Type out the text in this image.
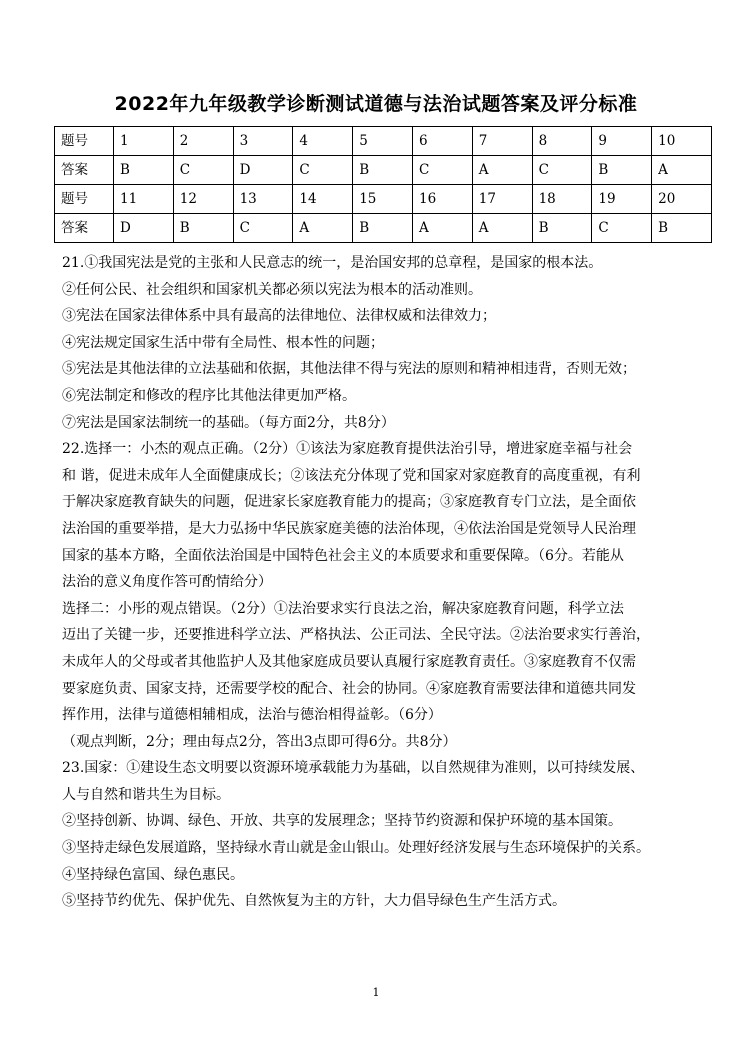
2022年九年级教学诊断测试道德与法治试题答案及评分标准
题号	1	2	3	4	5	6	7	8	9	10
答案	B	C	D	C	B	C	A	C	B	A
题号	11	12	13	14	15	16	17	18	19	20
答案	D	B	C	A	B	A	A	B	C	B

21.①我国宪法是党的主张和人民意志的统一，是治国安邦的总章程，是国家的根本法。

②任何公民、社会组织和国家机关都必须以宪法为根本的活动准则。

③宪法在国家法律体系中具有最高的法律地位、法律权威和法律效力；

④宪法规定国家生活中带有全局性、根本性的问题；

⑤宪法是其他法律的立法基础和依据，其他法律不得与宪法的原则和精神相违背，否则无效；

⑥宪法制定和修改的程序比其他法律更加严格。

⑦宪法是国家法制统一的基础。（每方面2分，共8分）

22.选择一：小杰的观点正确。（2分）①该法为家庭教育提供法治引导，增进家庭幸福与社会

和 谐，促进未成年人全面健康成长；②该法充分体现了党和国家对家庭教育的高度重视，有利

于解决家庭教育缺失的问题，促进家长家庭教育能力的提高；③家庭教育专门立法，是全面依

法治国的重要举措，是大力弘扬中华民族家庭美德的法治体现，④依法治国是党领导人民治理

国家的基本方略，全面依法治国是中国特色社会主义的本质要求和重要保障。（6分。若能从

法治的意义角度作答可酌情给分）

选择二：小彤的观点错误。（2分）①法治要求实行良法之治，解决家庭教育问题，科学立法

迈出了关键一步，还要推进科学立法、严格执法、公正司法、全民守法。②法治要求实行善治，

未成年人的父母或者其他监护人及其他家庭成员要认真履行家庭教育责任。③家庭教育不仅需

要家庭负责、国家支持，还需要学校的配合、社会的协同。④家庭教育需要法律和道德共同发

挥作用，法律与道德相辅相成，法治与德治相得益彰。（6分）

（观点判断，2分；理由每点2分，答出3点即可得6分。共8分）

23.国家：①建设生态文明要以资源环境承载能力为基础，以自然规律为准则，以可持续发展、

人与自然和谐共生为目标。

②坚持创新、协调、绿色、开放、共享的发展理念；坚持节约资源和保护环境的基本国策。

③坚持走绿色发展道路，坚持绿水青山就是金山银山。处理好经济发展与生态环境保护的关系。

④坚持绿色富国、绿色惠民。

⑤坚持节约优先、保护优先、自然恢复为主的方针，大力倡导绿色生产生活方式。

1
